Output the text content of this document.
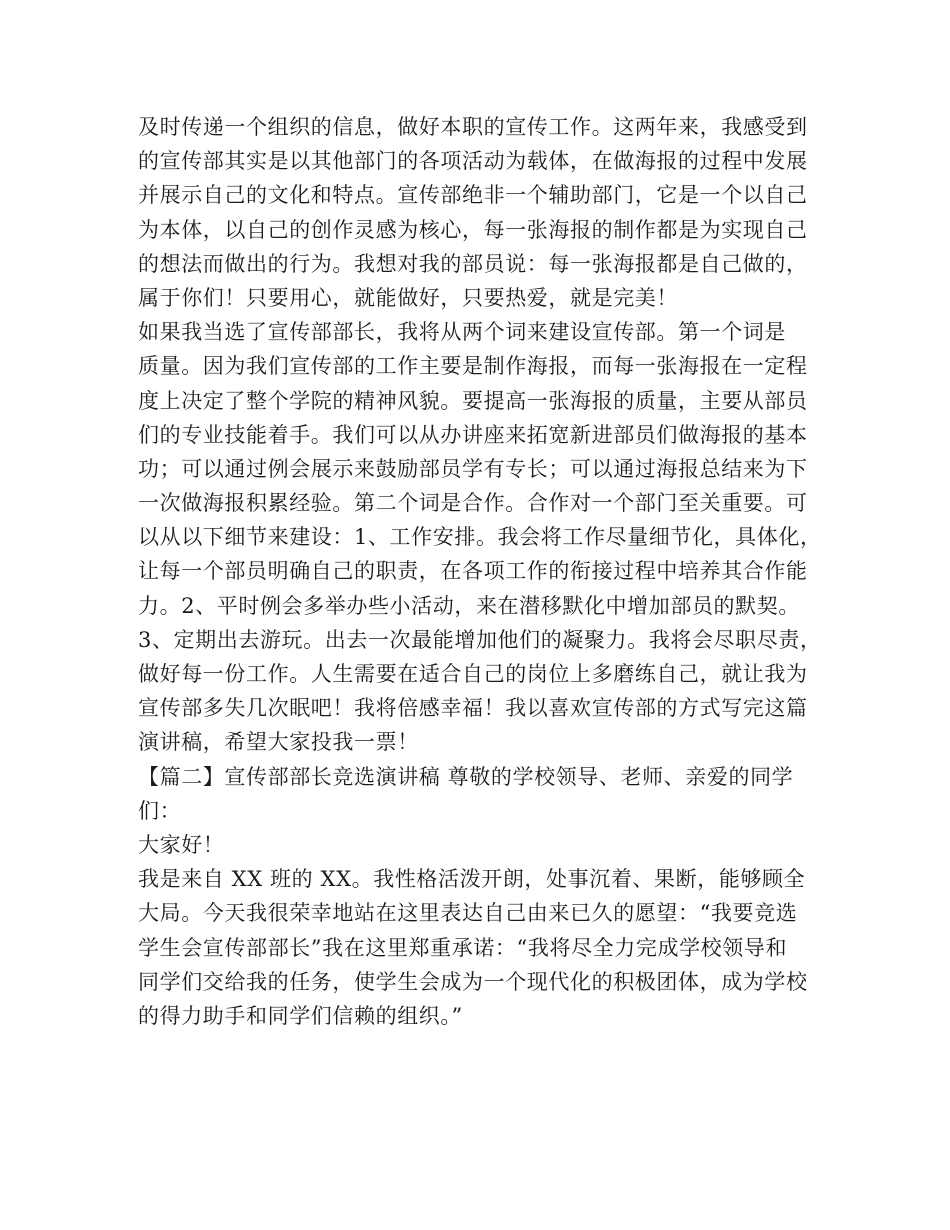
及时传递一个组织的信息，做好本职的宣传工作。这两年来，我感受到
的宣传部其实是以其他部门的各项活动为载体，在做海报的过程中发展
并展示自己的文化和特点。宣传部绝非一个辅助部门，它是一个以自己
为本体，以自己的创作灵感为核心，每一张海报的制作都是为实现自己
的想法而做出的行为。我想对我的部员说：每一张海报都是自己做的，
属于你们！只要用心，就能做好，只要热爱，就是完美！
如果我当选了宣传部部长，我将从两个词来建设宣传部。第一个词是
质量。因为我们宣传部的工作主要是制作海报，而每一张海报在一定程
度上决定了整个学院的精神风貌。要提高一张海报的质量，主要从部员
们的专业技能着手。我们可以从办讲座来拓宽新进部员们做海报的基本
功；可以通过例会展示来鼓励部员学有专长；可以通过海报总结来为下
一次做海报积累经验。第二个词是合作。合作对一个部门至关重要。可
以从以下细节来建设：1、工作安排。我会将工作尽量细节化，具体化，
让每一个部员明确自己的职责，在各项工作的衔接过程中培养其合作能
力。2、平时例会多举办些小活动，来在潜移默化中增加部员的默契。
3、定期出去游玩。出去一次最能增加他们的凝聚力。我将会尽职尽责，
做好每一份工作。人生需要在适合自己的岗位上多磨练自己，就让我为
宣传部多失几次眠吧！我将倍感幸福！我以喜欢宣传部的方式写完这篇
演讲稿，希望大家投我一票！
【篇二】宣传部部长竞选演讲稿 尊敬的学校领导、老师、亲爱的同学
们：
大家好！
我是来自 XX 班的 XX。我性格活泼开朗，处事沉着、果断，能够顾全
大局。今天我很荣幸地站在这里表达自己由来已久的愿望：“我要竞选
学生会宣传部部长”我在这里郑重承诺：“我将尽全力完成学校领导和
同学们交给我的任务，使学生会成为一个现代化的积极团体，成为学校
的得力助手和同学们信赖的组织。”
